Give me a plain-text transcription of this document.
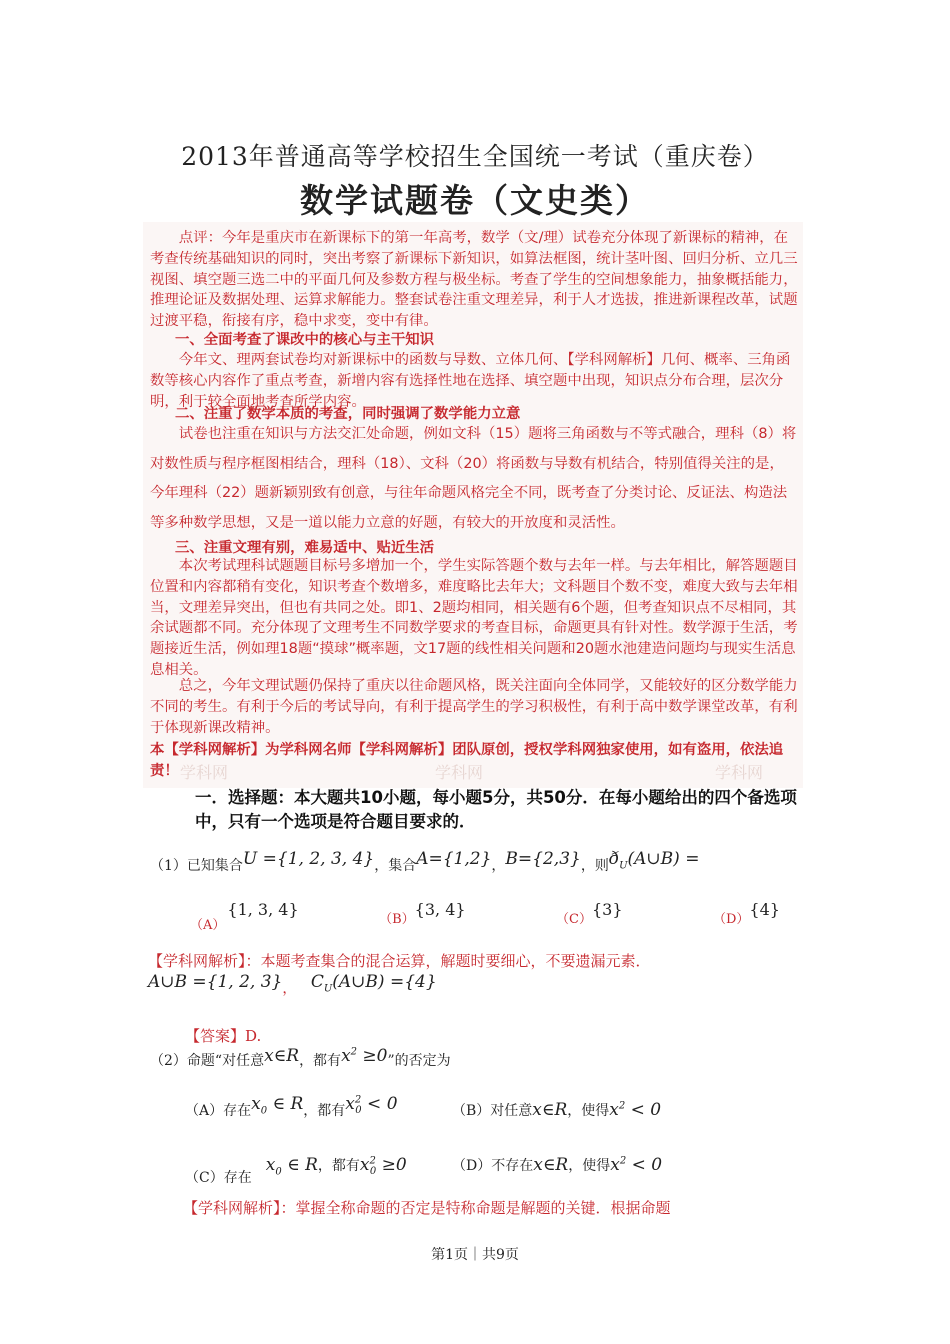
2013年普通高等学校招生全国统一考试（重庆卷）
数学试题卷（文史类）
点评：今年是重庆市在新课标下的第一年高考，数学（文/理）试卷充分体现了新课标的精神，在考查传统基础知识的同时，突出考察了新课标下新知识，如算法框图，统计茎叶图、回归分析、立几三视图、填空题三选二中的平面几何及参数方程与极坐标。考查了学生的空间想象能力，抽象概括能力，推理论证及数据处理、运算求解能力。整套试卷注重文理差异，利于人才选拔，推进新课程改革，试题过渡平稳，衔接有序，稳中求变，变中有律。
一、全面考查了课改中的核心与主干知识
今年文、理两套试卷均对新课标中的函数与导数、立体几何、【学科网解析】几何、概率、三角函数等核心内容作了重点考查，新增内容有选择性地在选择、填空题中出现，知识点分布合理，层次分明，利于较全面地考查所学内容。
二、注重了数学本质的考查，同时强调了数学能力立意
试卷也注重在知识与方法交汇处命题，例如文科（15）题将三角函数与不等式融合，理科（8）将对数性质与程序框图相结合，理科（18）、文科（20）将函数与导数有机结合，特别值得关注的是，今年理科（22）题新颖别致有创意，与往年命题风格完全不同，既考查了分类讨论、反证法、构造法等多种数学思想，又是一道以能力立意的好题，有较大的开放度和灵活性。
三、注重文理有别，难易适中、贴近生活
本次考试理科试题题目标号多增加一个，学生实际答题个数与去年一样。与去年相比，解答题题目位置和内容都稍有变化，知识考查个数增多，难度略比去年大；文科题目个数不变，难度大致与去年相当，文理差异突出，但也有共同之处。即1、2题均相同，相关题有6个题，但考查知识点不尽相同，其余试题都不同。充分体现了文理考生不同数学要求的考查目标，命题更具有针对性。数学源于生活，考题接近生活，例如理18题“摸球”概率题，文17题的线性相关问题和20题水池建造问题均与现实生活息息相关。
总之，今年文理试题仍保持了重庆以往命题风格，既关注面向全体同学，又能较好的区分数学能力不同的考生。有利于今后的考试导向，有利于提高学生的学习积极性，有利于高中数学课堂改革，有利于体现新课改精神。
本【学科网解析】为学科网名师【学科网解析】团队原创，授权学科网独家使用，如有盗用，依法追责！ 学科网	学科网	学科网
一．选择题：本大题共10小题，每小题5分，共50分．在每小题给出的四个备选项中，只有一个选项是符合题目要求的．
（1）已知集合U ={1, 2, 3, 4}，集合A={1,2}，B={2,3}，则$ð_U(A\cup B)$ =
（A）{1, 3, 4} （B）{3, 4} （C）{3} （D）{4}
【学科网解析】：本题考查集合的混合运算，解题时要细心，不要遗漏元素．
A∪B ={1, 2, 3}， $C_U(A\cup B) =\{4\}$
【答案】D.
（2）命题“对任意x∈R，都有$x^2 \ge 0$”的否定为
（A）存在$x_0$ ∈ R，都有$x^2_0 < 0$	（B）对任意x∈R，使得$x^2 < 0$
（C）存在$x_0$ ∈ R，都有$x^2_0 \ge 0$	（D）不存在x∈R，使得$x^2 < 0$
【学科网解析】：掌握全称命题的否定是特称命题是解题的关键．根据命题
第1页｜共9页
